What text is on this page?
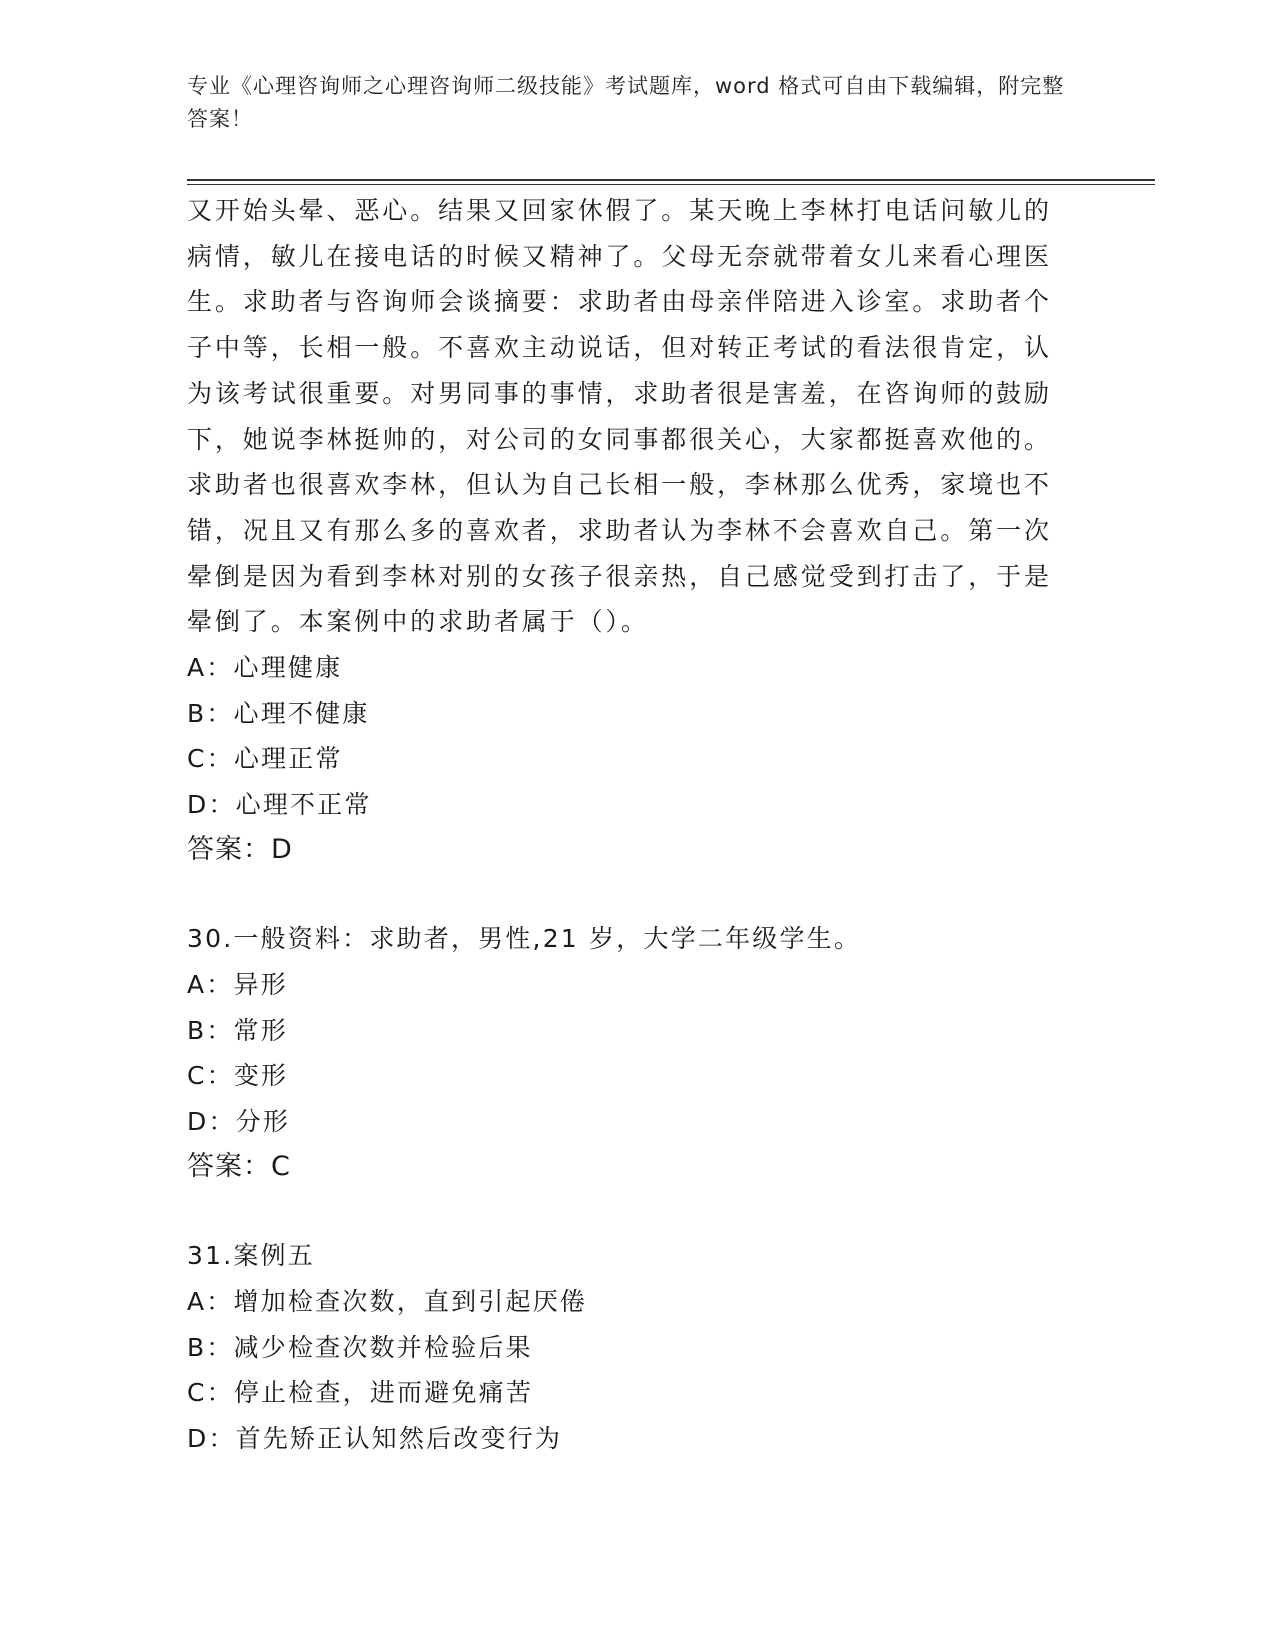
专业《心理咨询师之心理咨询师二级技能》考试题库，word 格式可自由下载编辑，附完整答案！

又开始头晕、恶心。结果又回家休假了。某天晚上李林打电话问敏儿的病情，敏儿在接电话的时候又精神了。父母无奈就带着女儿来看心理医生。求助者与咨询师会谈摘要：求助者由母亲伴陪进入诊室。求助者个子中等，长相一般。不喜欢主动说话，但对转正考试的看法很肯定，认为该考试很重要。对男同事的事情，求助者很是害羞，在咨询师的鼓励下，她说李林挺帅的，对公司的女同事都很关心，大家都挺喜欢他的。求助者也很喜欢李林，但认为自己长相一般，李林那么优秀，家境也不错，况且又有那么多的喜欢者，求助者认为李林不会喜欢自己。第一次晕倒是因为看到李林对别的女孩子很亲热，自己感觉受到打击了，于是晕倒了。本案例中的求助者属于（）。

A：心理健康

B：心理不健康

C：心理正常

D：心理不正常

答案：D

30.一般资料：求助者，男性,21 岁，大学二年级学生。

A：异形

B：常形

C：变形

D：分形

答案：C

31.案例五

A：增加检查次数，直到引起厌倦

B：减少检查次数并检验后果

C：停止检查，进而避免痛苦

D：首先矫正认知然后改变行为
